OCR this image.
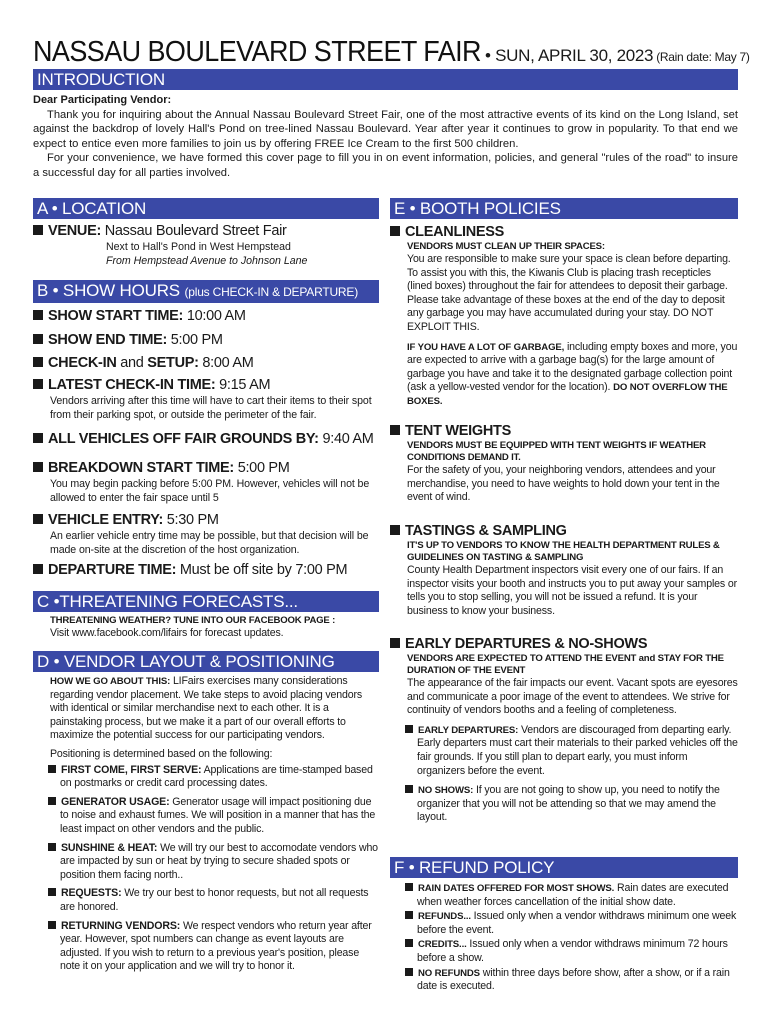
NASSAU BOULEVARD STREET FAIR • SUN, APRIL 30, 2023 (Rain date: May 7)
INTRODUCTION
Dear Participating Vendor:

Thank you for inquiring about the Annual Nassau Boulevard Street Fair, one of the most attractive events of its kind on the Long Island, set against the backdrop of lovely Hall's Pond on tree-lined Nassau Boulevard. Year after year it continues to grow in popularity. To that end we expect to entice even more families to join us by offering FREE Ice Cream to the first 500 children.

For your convenience, we have formed this cover page to fill you in on event information, policies, and general "rules of the road" to insure a successful day for all parties involved.

A • LOCATION
VENUE: Nassau Boulevard Street Fair
Next to Hall's Pond in West Hempstead
From Hempstead Avenue to Johnson Lane
B • SHOW HOURS (plus CHECK-IN & DEPARTURE)
SHOW START TIME: 10:00 AM
SHOW END TIME: 5:00 PM
CHECK-IN and SETUP: 8:00 AM
LATEST CHECK-IN TIME: 9:15 AM
Vendors arriving after this time will have to cart their items to their spot from their parking spot, or outside the perimeter of the fair.
ALL VEHICLES OFF FAIR GROUNDS BY: 9:40 AM
BREAKDOWN START TIME: 5:00 PM
You may begin packing before 5:00 PM. However, vehicles will not be allowed to enter the fair space until 5
VEHICLE ENTRY: 5:30 PM
An earlier vehicle entry time may be possible, but that decision will be made on-site at the discretion of the host organization.
DEPARTURE TIME: Must be off site by 7:00 PM
C •THREATENING FORECASTS...
THREATENING WEATHER? TUNE INTO OUR FACEBOOK PAGE :
Visit www.facebook.com/lifairs for forecast updates.
D • VENDOR LAYOUT & POSITIONING
HOW WE GO ABOUT THIS: LIFairs exercises many considerations regarding vendor placement. We take steps to avoid placing vendors with identical or similar merchandise next to each other. It is a painstaking process, but we make it a part of our overall efforts to maximize the potential success for our participating vendors.
Positioning is determined based on the following:
FIRST COME, FIRST SERVE: Applications are time-stamped based on postmarks or credit card processing dates.
GENERATOR USAGE: Generator usage will impact positioning due to noise and exhaust fumes. We will position in a manner that has the least impact on other vendors and the public.
SUNSHINE & HEAT: We will try our best to accomodate vendors who are impacted by sun or heat by trying to secure shaded spots or position them facing north..
REQUESTS: We try our best to honor requests, but not all requests are honored.
RETURNING VENDORS: We respect vendors who return year after year. However, spot numbers can change as event layouts are adjusted. If you wish to return to a previous year's position, please note it on your application and we will try to honor it.
E • BOOTH POLICIES
CLEANLINESS
VENDORS MUST CLEAN UP THEIR SPACES:
You are responsible to make sure your space is clean before departing. To assist you with this, the Kiwanis Club is placing trash recepticles (lined boxes) throughout the fair for attendees to deposit their garbage. Please take advantage of these boxes at the end of the day to deposit any garbage you may have accumulated during your stay. DO NOT EXPLOIT THIS.
IF YOU HAVE A LOT OF GARBAGE, including empty boxes and more, you are expected to arrive with a garbage bag(s) for the large amount of garbage you have and take it to the designated garbage collection point (ask a yellow-vested vendor for the location). DO NOT OVERFLOW THE BOXES.
TENT WEIGHTS
VENDORS MUST BE EQUIPPED WITH TENT WEIGHTS IF WEATHER CONDITIONS DEMAND IT.
For the safety of you, your neighboring vendors, attendees and your merchandise, you need to have weights to hold down your tent in the event of wind.
TASTINGS & SAMPLING
IT'S UP TO VENDORS TO KNOW THE HEALTH DEPARTMENT RULES & GUIDELINES ON TASTING & SAMPLING
County Health Department inspectors visit every one of our fairs. If an inspector visits your booth and instructs you to put away your samples or tells you to stop selling, you will not be issued a refund. It is your business to know your business.
EARLY DEPARTURES & NO-SHOWS
VENDORS ARE EXPECTED TO ATTEND THE EVENT and STAY FOR THE DURATION OF THE EVENT
The appearance of the fair impacts our event. Vacant spots are eyesores and communicate a poor image of the event to attendees. We strive for continuity of vendors booths and a feeling of completeness.
EARLY DEPARTURES: Vendors are discouraged from departing early. Early departers must cart their materials to their parked vehicles off the fair grounds. If you still plan to depart early, you must inform organizers before the event.
NO SHOWS: If you are not going to show up, you need to notify the organizer that you will not be attending so that we may amend the layout.
F • REFUND POLICY
RAIN DATES OFFERED FOR MOST SHOWS. Rain dates are executed when weather forces cancellation of the initial show date.
REFUNDS... Issued only when a vendor withdraws minimum one week before the event.
CREDITS... Issued only when a vendor withdraws minimum 72 hours before a show.
NO REFUNDS within three days before show, after a show, or if a rain date is executed.
